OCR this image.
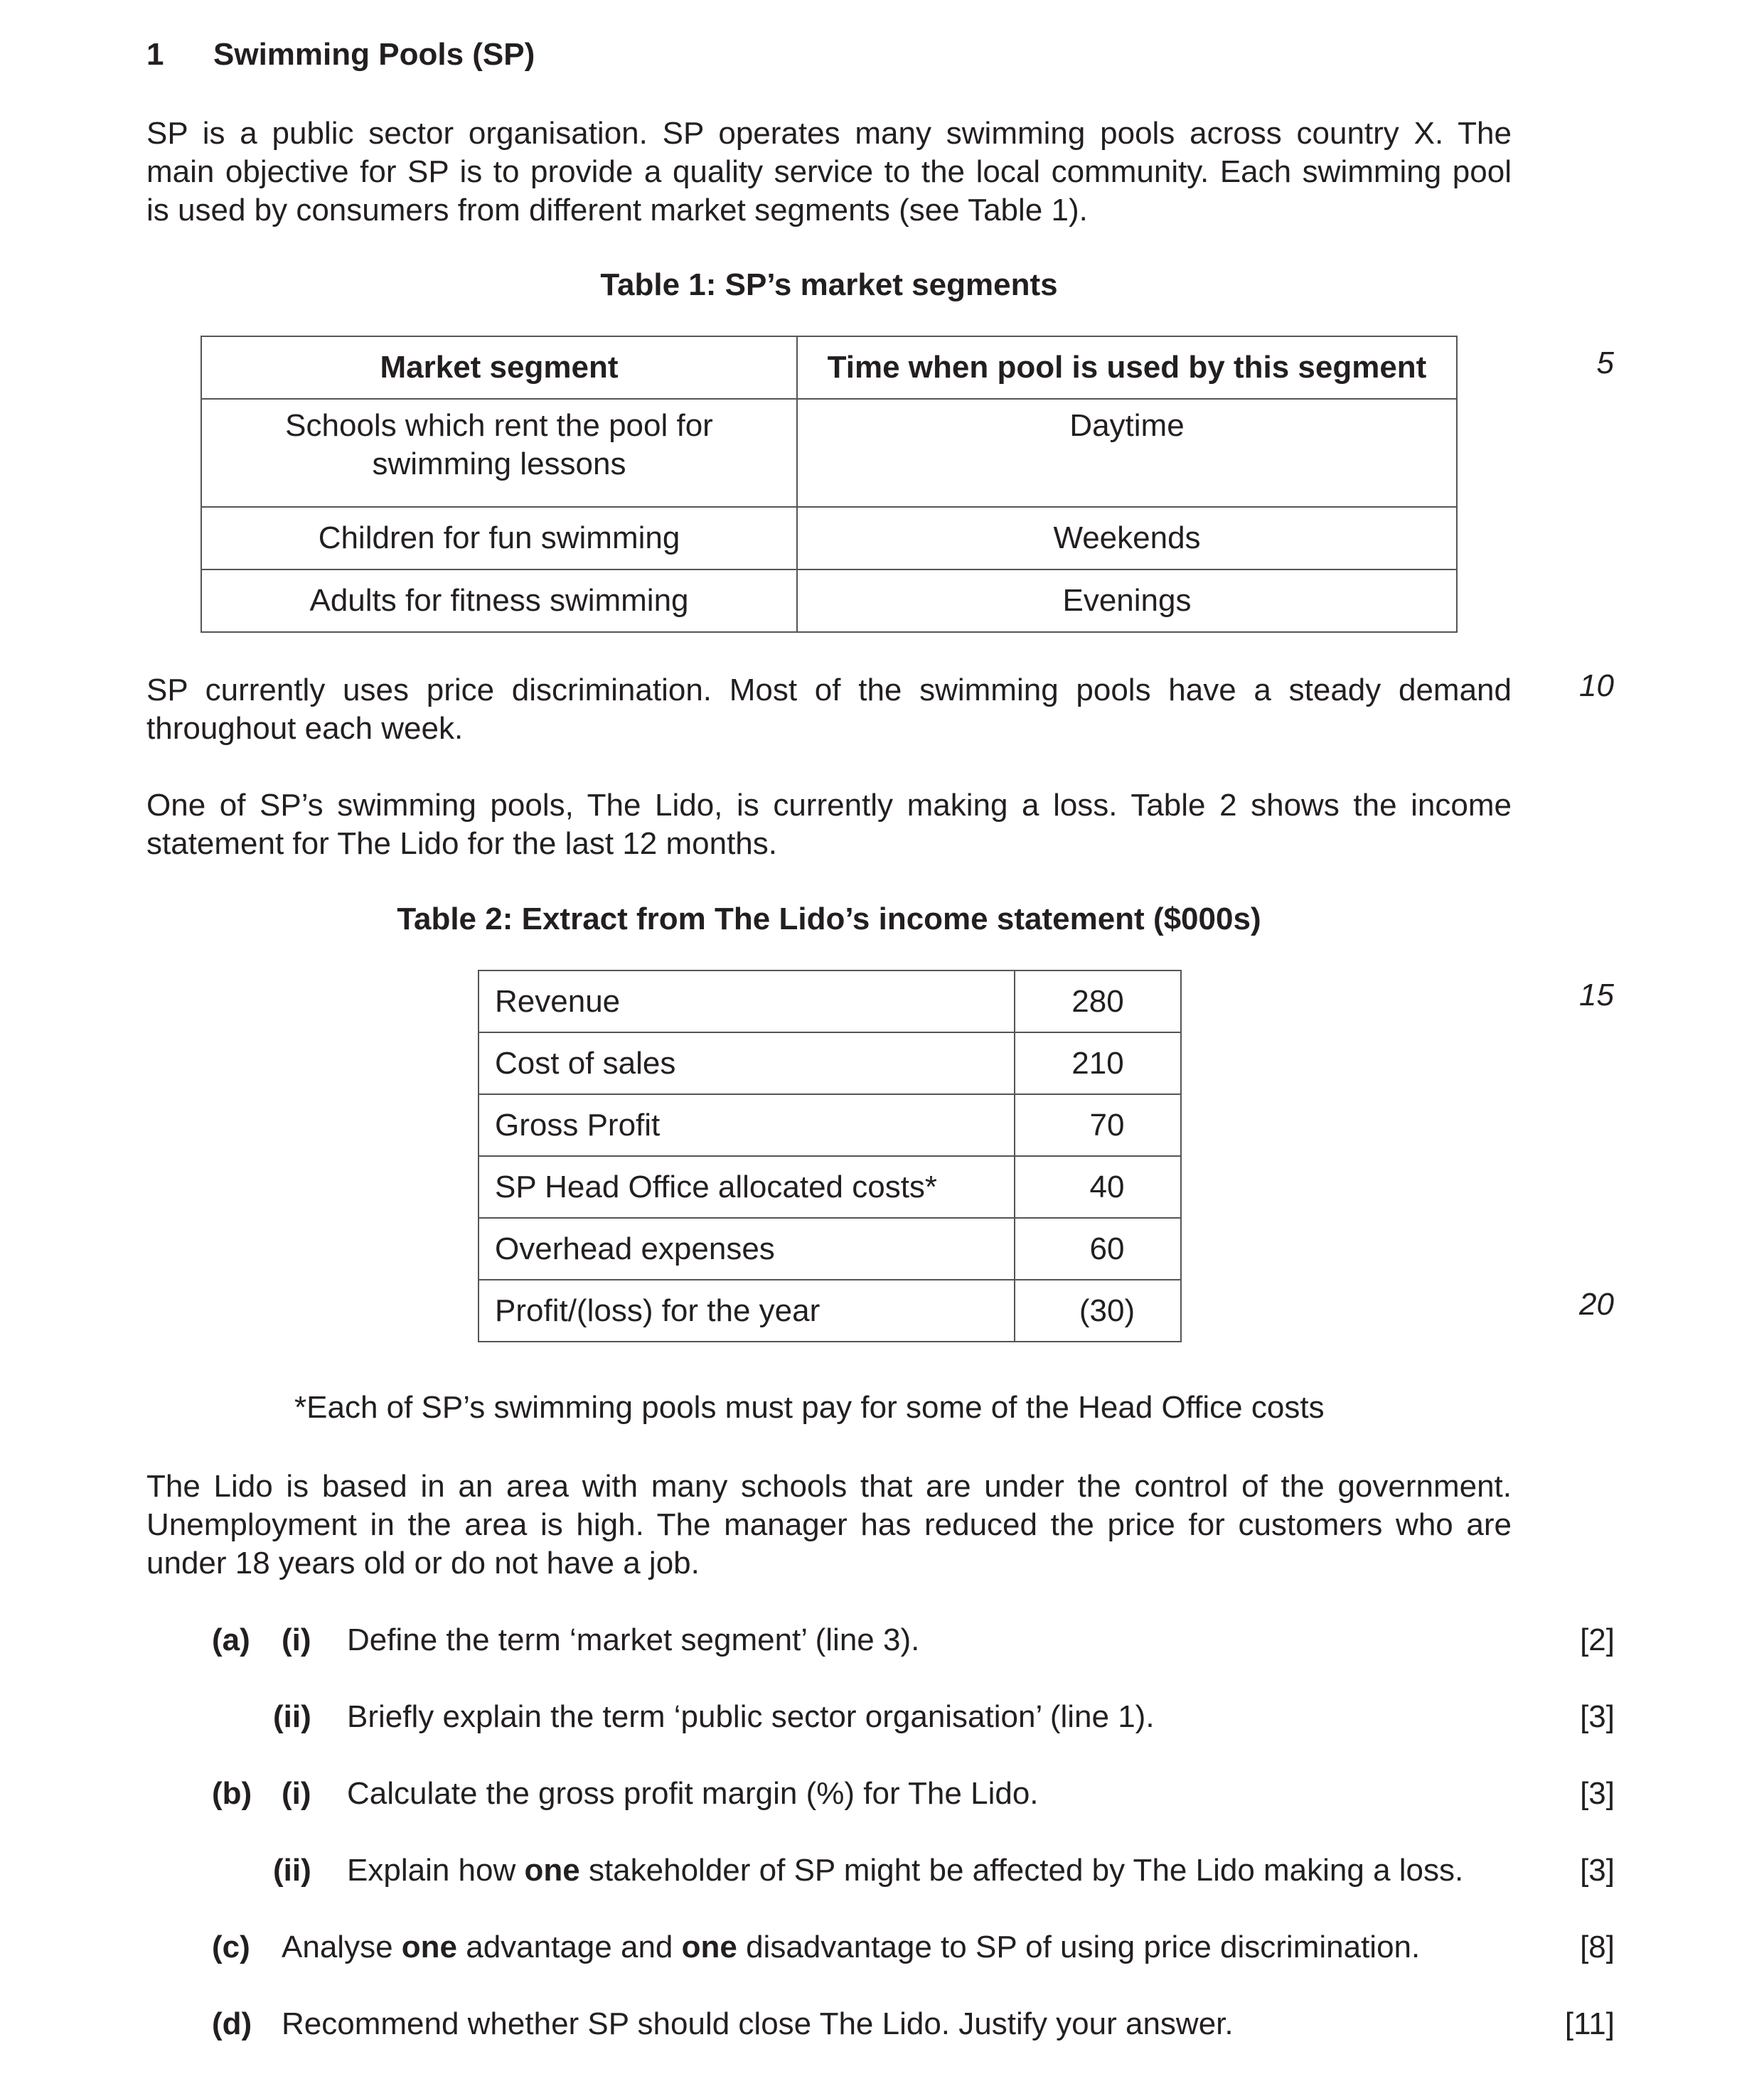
1 Swimming Pools (SP)
SP is a public sector organisation. SP operates many swimming pools across country X. The
main objective for SP is to provide a quality service to the local community. Each swimming pool
is used by consumers from different market segments (see Table 1).
Table 1: SP’s market segments
Market segment	Time when pool is used by this segment

Schools which rent the pool for
swimming lessons	Daytime
Children for fun swimming	Weekends
Adults for fitness swimming	Evenings
5
10
15
20
SP currently uses price discrimination. Most of the swimming pools have a steady demand
throughout each week.
One of SP’s swimming pools, The Lido, is currently making a loss. Table 2 shows the income
statement for The Lido for the last 12 months.
Table 2: Extract from The Lido’s income statement ($000s)
Revenue	280
Cost of sales	210
Gross Profit	70
SP Head Office allocated costs*	40
Overhead expenses	60
Profit/(loss) for the year	(30)
*Each of SP’s swimming pools must pay for some of the Head Office costs
The Lido is based in an area with many schools that are under the control of the government.
Unemployment in the area is high. The manager has reduced the price for customers who are
under 18 years old or do not have a job.
(a) (i) Define the term ‘market segment’ (line 3).	[2]
(ii) Briefly explain the term ‘public sector organisation’ (line 1).	[3]
(b) (i) Calculate the gross profit margin (%) for The Lido.	[3]
(ii) Explain how one stakeholder of SP might be affected by The Lido making a loss.	[3]
(c) Analyse one advantage and one disadvantage to SP of using price discrimination.	[8]
(d) Recommend whether SP should close The Lido. Justify your answer.	[11]
